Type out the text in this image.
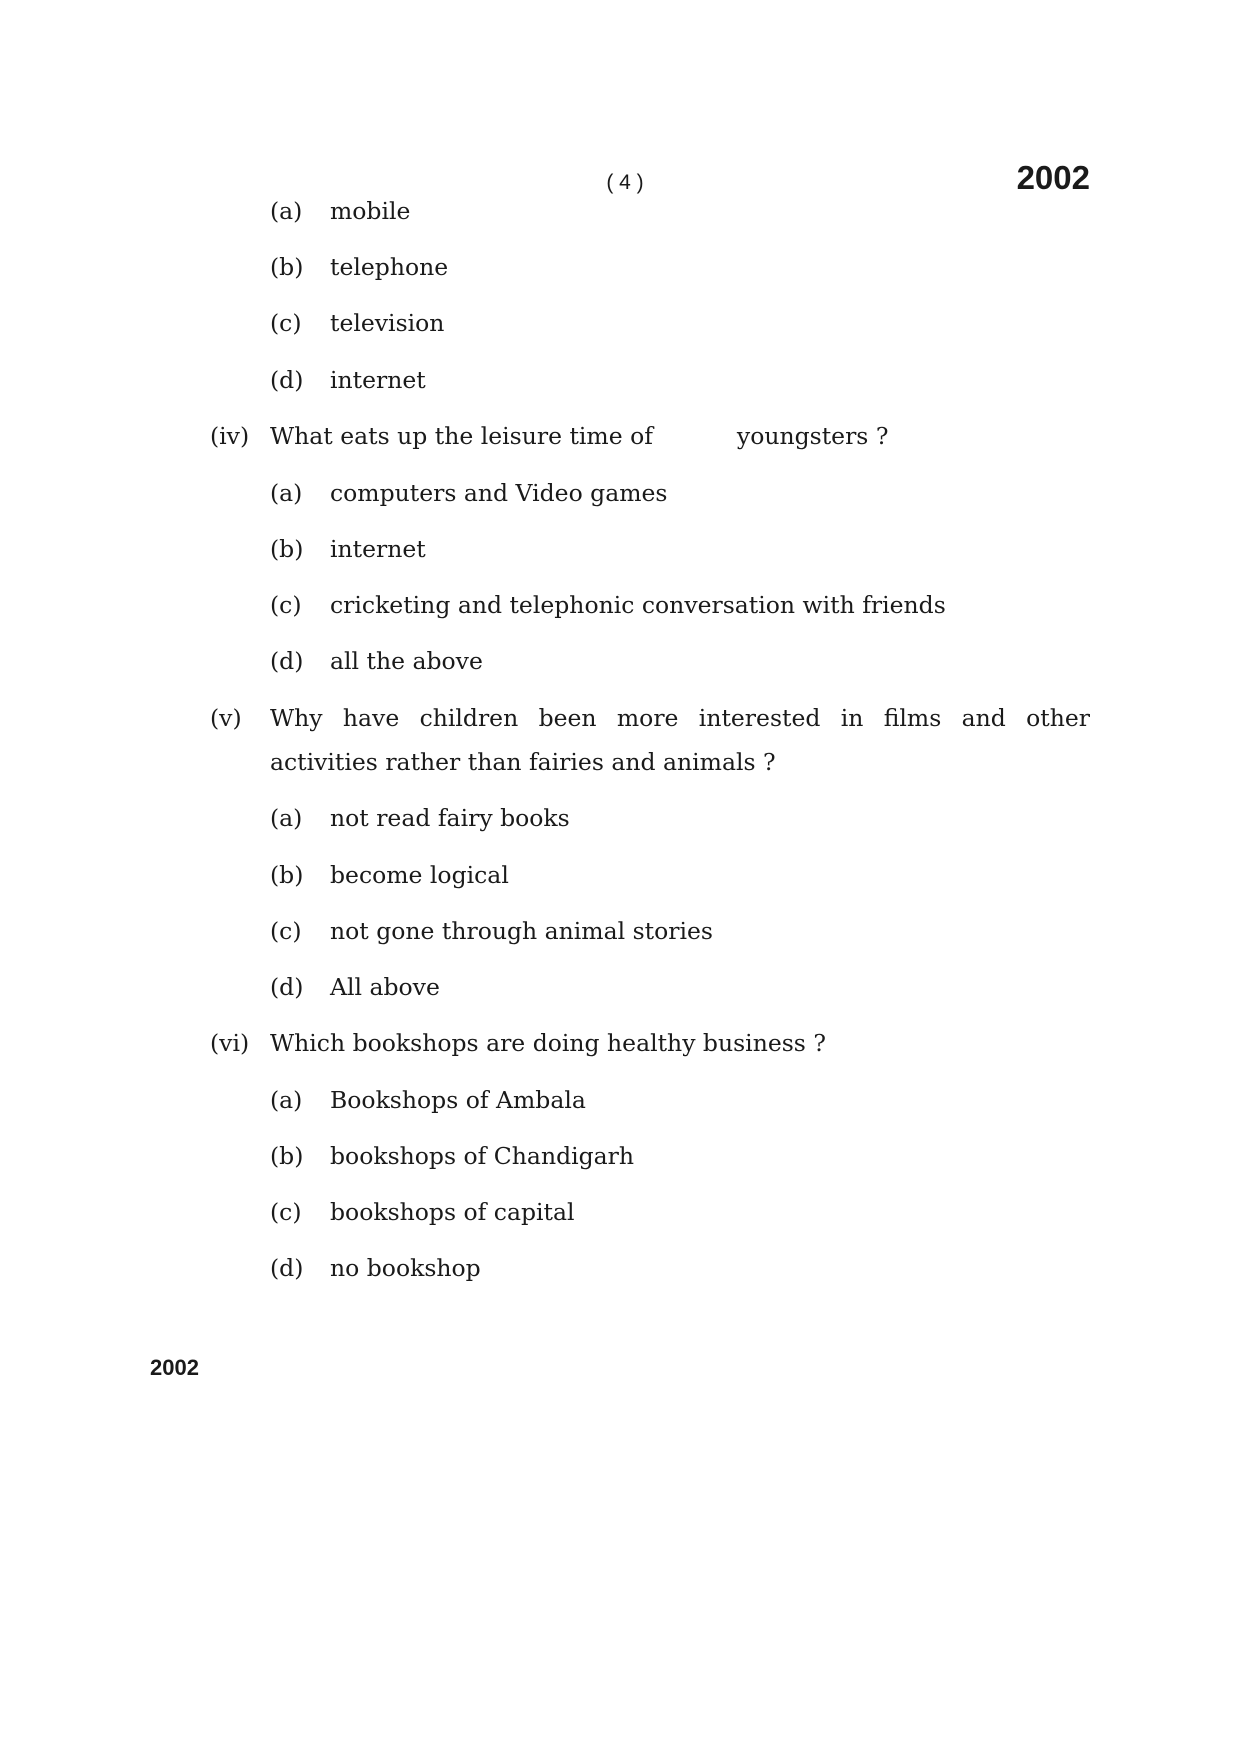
( 4 )	2002
(a) mobile
(b) telephone
(c) television
(d) internet
(iv) What eats up the leisure time of	youngsters ?
(a) computers and Video games
(b) internet
(c) cricketing and telephonic conversation with friends
(d) all the above
(v) Why have children been more interested in films and other
activities rather than fairies and animals ?
(a) not read fairy books
(b) become logical
(c) not gone through animal stories
(d) All above
(vi) Which bookshops are doing healthy business ?
(a) Bookshops of Ambala
(b) bookshops of Chandigarh
(c) bookshops of capital
(d) no bookshop
2002
